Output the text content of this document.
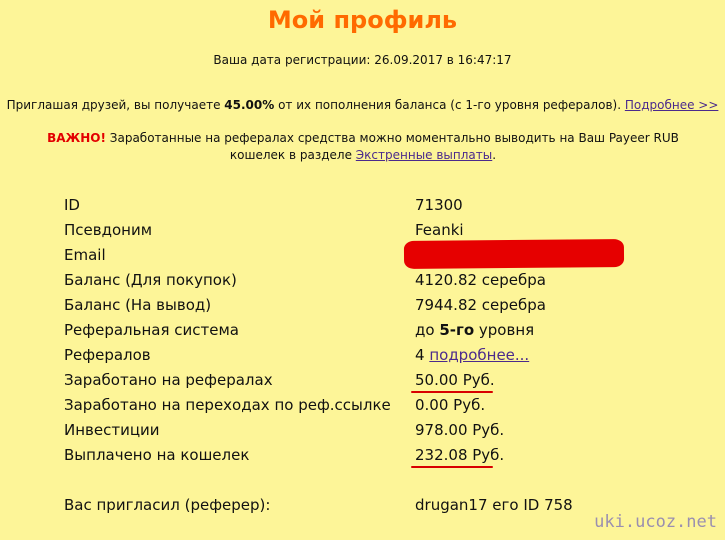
Мой профиль
Ваша дата регистрации: 26.09.2017 в 16:47:17
Приглашая друзей, вы получаете 45.00% от их пополнения баланса (с 1-го уровня рефералов). Подробнее >>
ВАЖНО! Заработанные на рефералах средства можно моментально выводить на Ваш Payeer RUB кошелек в разделе Экстренные выплаты.
ID	71300
Псевдоним	Feanki
Email
Баланс (Для покупок)	4120.82 серебра
Баланс (На вывод)	7944.82 серебра
Реферальная система	до 5-го уровня
Рефералов	4 подробнее...
Заработано на рефералах	50.00 Руб.
Заработано на переходах по реф.ссылке 0.00 Руб.
Инвестиции	978.00 Руб.
Выплачено на кошелек	232.08 Руб.
Вас пригласил (реферер):	drugan17 его ID 758
uki.ucoz.net
